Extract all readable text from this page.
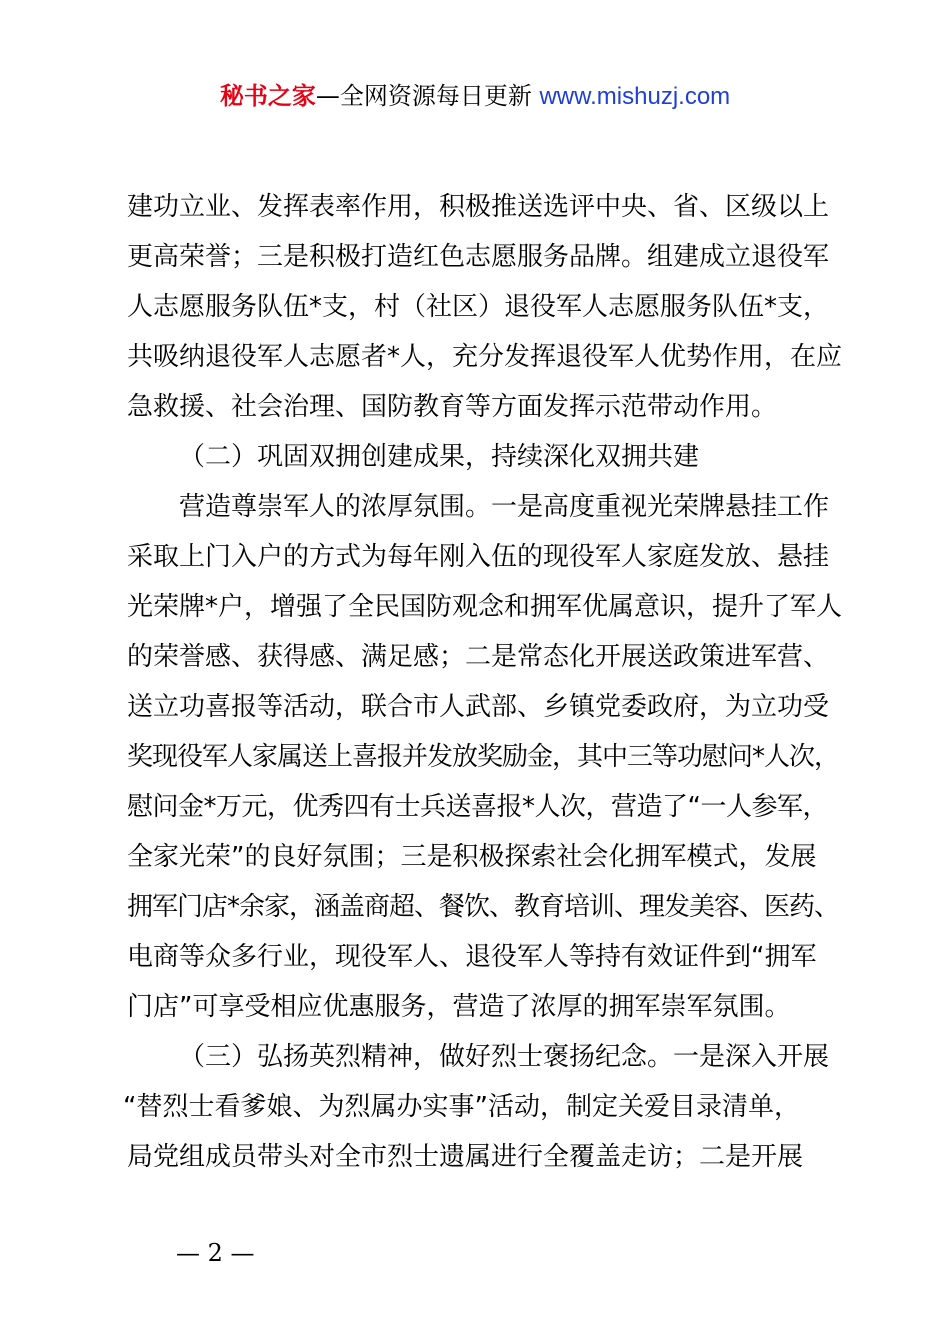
秘书之家—全网资源每日更新 www.mishuzj.com
建功立业、发挥表率作用，积极推送选评中央、省、区级以上
更高荣誉；三是积极打造红色志愿服务品牌。组建成立退役军
人志愿服务队伍*支，村（社区）退役军人志愿服务队伍*支，
共吸纳退役军人志愿者*人，充分发挥退役军人优势作用，在应
急救援、社会治理、国防教育等方面发挥示范带动作用。
（二）巩固双拥创建成果，持续深化双拥共建
营造尊崇军人的浓厚氛围。一是高度重视光荣牌悬挂工作
采取上门入户的方式为每年刚入伍的现役军人家庭发放、悬挂
光荣牌*户，增强了全民国防观念和拥军优属意识，提升了军人
的荣誉感、获得感、满足感；二是常态化开展送政策进军营、
送立功喜报等活动，联合市人武部、乡镇党委政府，为立功受
奖现役军人家属送上喜报并发放奖励金，其中三等功慰问*人次，
慰问金*万元，优秀四有士兵送喜报*人次，营造了“一人参军，
全家光荣”的良好氛围；三是积极探索社会化拥军模式，发展
拥军门店*余家，涵盖商超、餐饮、教育培训、理发美容、医药、
电商等众多行业，现役军人、退役军人等持有效证件到“拥军
门店”可享受相应优惠服务，营造了浓厚的拥军崇军氛围。
（三）弘扬英烈精神，做好烈士褒扬纪念。一是深入开展
“替烈士看爹娘、为烈属办实事”活动，制定关爱目录清单，
局党组成员带头对全市烈士遗属进行全覆盖走访；二是开展
— 2 —
